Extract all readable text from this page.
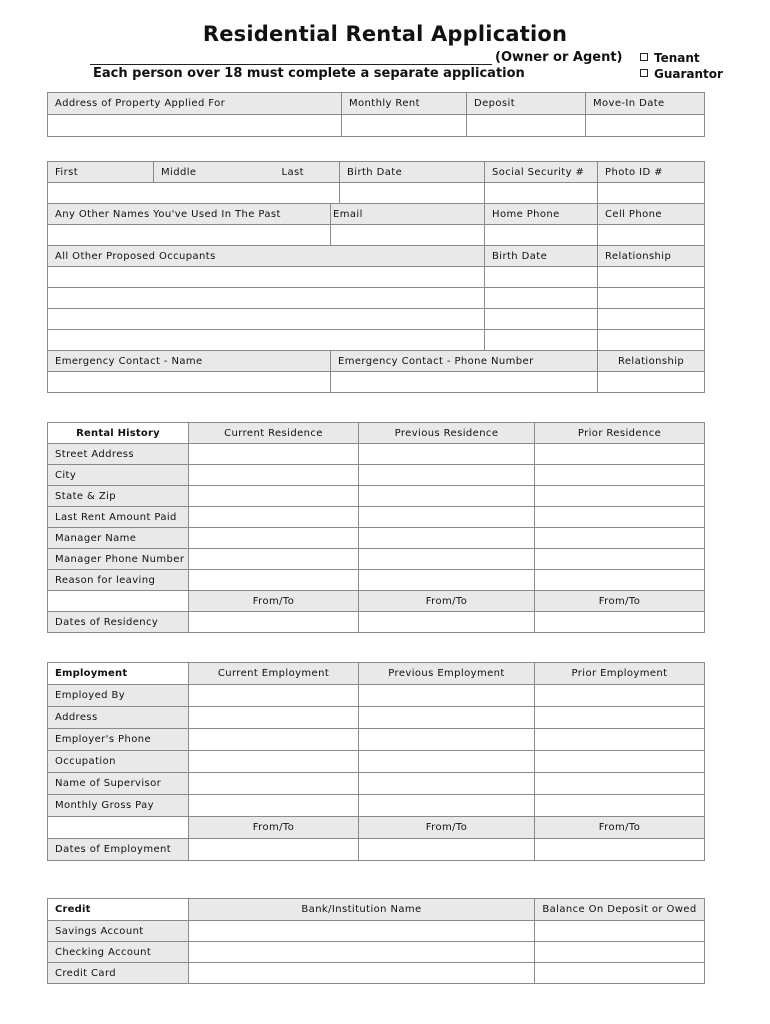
Residential Rental Application
(Owner or Agent)
Each person over 18 must complete a separate application
Tenant
Guarantor
Address of Property Applied For	Monthly Rent	Deposit	Move-In Date

First	Middle	Last		Birth Date	Social Security #	Photo ID #

Any Other Names You've Used In The Past			Email		Home Phone	Cell Phone

All Other Proposed Occupants					Birth Date	Relationship

Emergency Contact - Name			Emergency Contact - Phone Number			Relationship

Rental History	Current Residence	Previous Residence	Prior Residence
Street Address			
City			
State & Zip			
Last Rent Amount Paid			
Manager Name			
Manager Phone Number			
Reason for leaving			
	From/To	From/To	From/To
Dates of Residency			
Employment	Current Employment	Previous Employment	Prior Employment
Employed By			
Address			
Employer's Phone			
Occupation			
Name of Supervisor			
Monthly Gross Pay			
	From/To	From/To	From/To
Dates of Employment			
Credit	Bank/Institution Name	Balance On Deposit or Owed
Savings Account		
Checking Account		
Credit Card		
